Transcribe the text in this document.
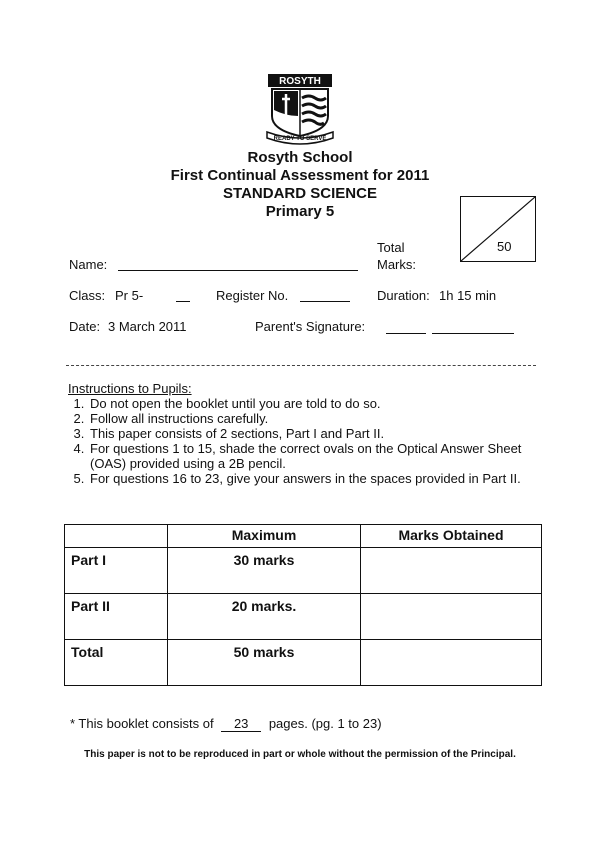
ROSYTH
READY TO SERVE
Rosyth School
First Continual Assessment for 2011
STANDARD SCIENCE
Primary 5
Total
Marks:
50
Name:
Class: Pr 5-	Register No.	Duration: 1h 15 min
Date: 3 March 2011	Parent's Signature:
Instructions to Pupils:
1. Do not open the booklet until you are told to do so.
2. Follow all instructions carefully.
3. This paper consists of 2 sections, Part I and Part II.
4. For questions 1 to 15, shade the correct ovals on the Optical Answer Sheet (OAS) provided using a 2B pencil.
5. For questions 16 to 23, give your answers in the spaces provided in Part II.
	Maximum	Marks Obtained
Part I	30 marks	
Part II	20 marks.	
Total	50 marks	
* This booklet consists of 23 pages. (pg. 1 to 23)
This paper is not to be reproduced in part or whole without the permission of the Principal.
